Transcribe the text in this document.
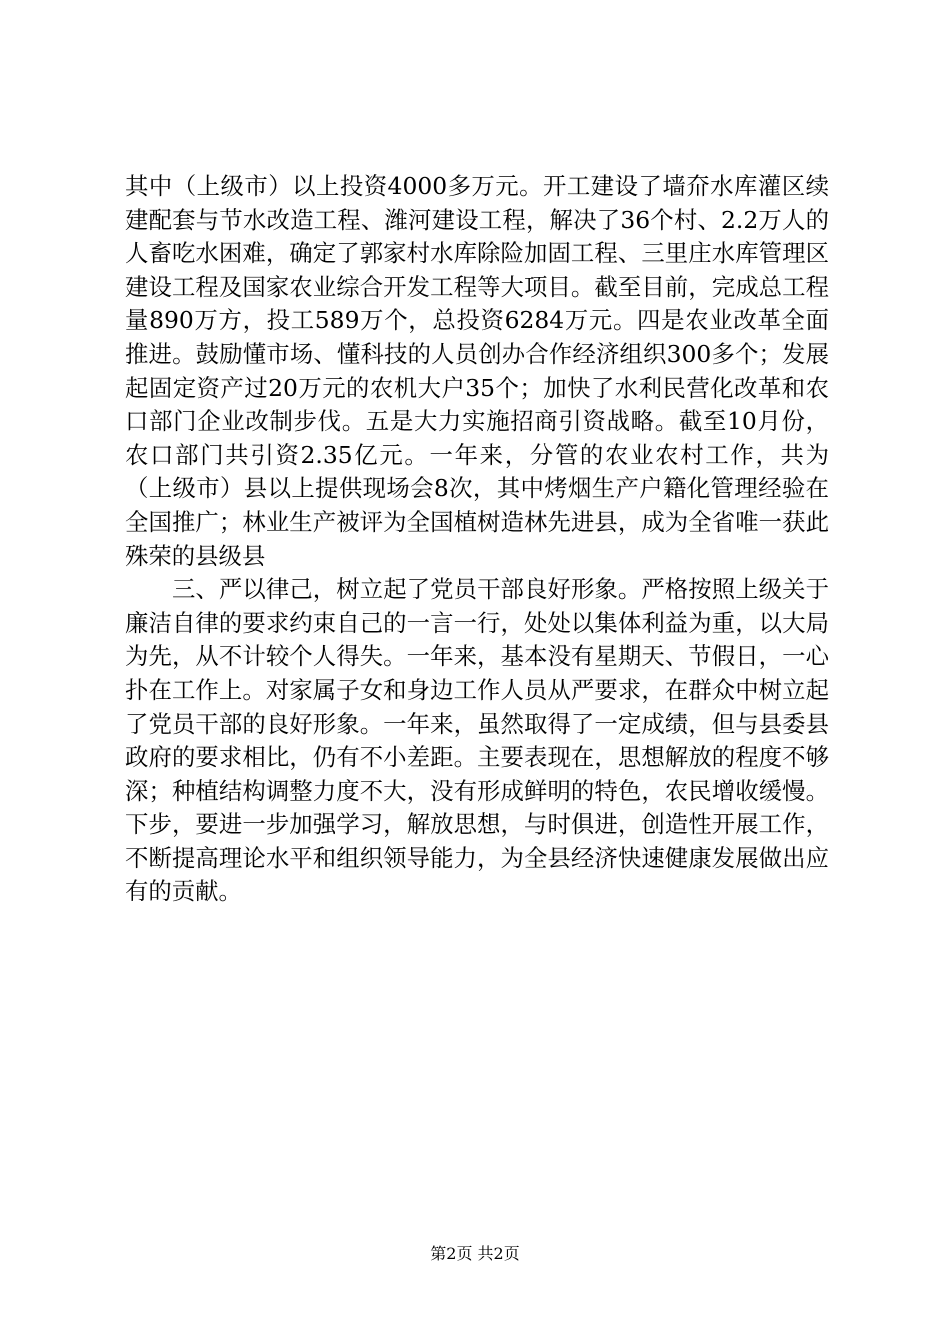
其中（上级市）以上投资4000多万元。开工建设了墙夼水库灌区续建配套与节水改造工程、潍河建设工程，解决了36个村、2.2万人的人畜吃水困难，确定了郭家村水库除险加固工程、三里庄水库管理区建设工程及国家农业综合开发工程等大项目。截至目前，完成总工程量890万方，投工589万个，总投资6284万元。四是农业改革全面推进。鼓励懂市场、懂科技的人员创办合作经济组织300多个；发展起固定资产过20万元的农机大户35个；加快了水利民营化改革和农口部门企业改制步伐。五是大力实施招商引资战略。截至10月份，农口部门共引资2.35亿元。一年来，分管的农业农村工作，共为（上级市）县以上提供现场会8次，其中烤烟生产户籍化管理经验在全国推广；林业生产被评为全国植树造林先进县，成为全省唯一获此殊荣的县级县

三、严以律己，树立起了党员干部良好形象。严格按照上级关于廉洁自律的要求约束自己的一言一行，处处以集体利益为重，以大局为先，从不计较个人得失。一年来，基本没有星期天、节假日，一心扑在工作上。对家属子女和身边工作人员从严要求，在群众中树立起了党员干部的良好形象。一年来，虽然取得了一定成绩，但与县委县政府的要求相比，仍有不小差距。主要表现在，思想解放的程度不够深；种植结构调整力度不大，没有形成鲜明的特色，农民增收缓慢。下步，要进一步加强学习，解放思想，与时俱进，创造性开展工作，不断提高理论水平和组织领导能力，为全县经济快速健康发展做出应有的贡献。

第2页 共2页
